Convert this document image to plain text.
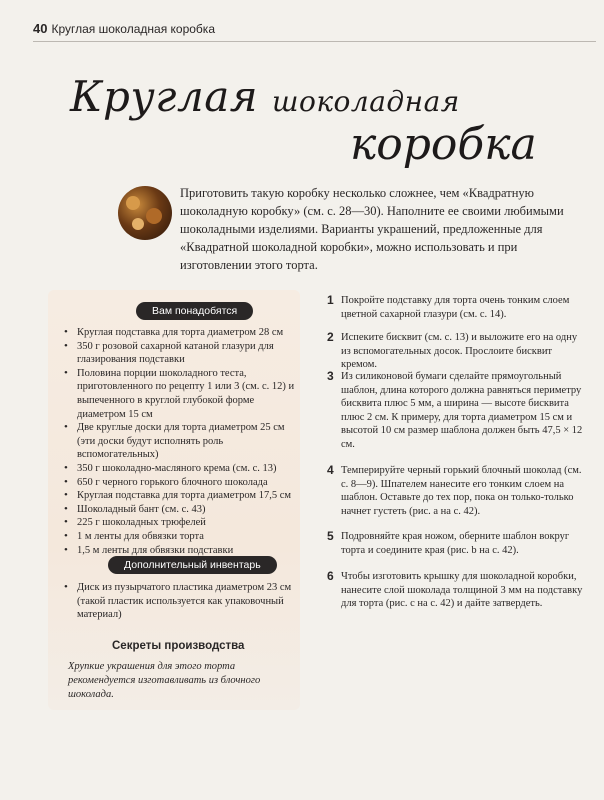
40 Круглая шоколадная коробка
Круглая шоколадная
коробка
Приготовить такую коробку несколько сложнее, чем «Квадратную шоколадную коробку» (см. с. 28—30). Наполните ее своими любимыми шоколадными изделиями. Варианты украшений, предложенные для «Квадратной шоколадной коробки», можно использовать и при изготовлении этого торта.
Вам понадобятся
• Круглая подставка для торта диаметром 28 см
• 350 г розовой сахарной катаной глазури для глазирования подставки
• Половина порции шоколадного теста, приготовленного по рецепту 1 или 3 (см. с. 12) и выпеченного в круглой глубокой форме диаметром 15 см
• Две круглые доски для торта диаметром 25 см (эти доски будут исполнять роль вспомогательных)
• 350 г шоколадно-масляного крема (см. с. 13)
• 650 г черного горького блочного шоколада
• Круглая подставка для торта диаметром 17,5 см
• Шоколадный бант (см. с. 43)
• 225 г шоколадных трюфелей
• 1 м ленты для обвязки торта
• 1,5 м ленты для обвязки подставки
Дополнительный инвентарь
• Диск из пузырчатого пластика диаметром 23 см (такой пластик используется как упаковочный материал)
Секреты производства
Хрупкие украшения для этого торта рекомендуется изготавливать из блочного шоколада.
1 Покройте подставку для торта очень тонким слоем цветной сахарной глазури (см. с. 14).
2 Испеките бисквит (см. с. 13) и выложите его на одну из вспомогательных досок. Прослоите бисквит кремом.
3 Из силиконовой бумаги сделайте прямоугольный шаблон, длина которого должна равняться периметру бисквита плюс 5 мм, а ширина — высоте бисквита плюс 2 см. К примеру, для торта диаметром 15 см и высотой 10 см размер шаблона должен быть 47,5 × 12 см.
4 Темперируйте черный горький блочный шоколад (см. с. 8—9). Шпателем нанесите его тонким слоем на шаблон. Оставьте до тех пор, пока он только-только начнет густеть (рис. а на с. 42).
5 Подровняйте края ножом, оберните шаблон вокруг торта и соедините края (рис. b на с. 42).
6 Чтобы изготовить крышку для шоколадной коробки, нанесите слой шоколада толщиной 3 мм на подставку для торта (рис. с на с. 42) и дайте затвердеть.
